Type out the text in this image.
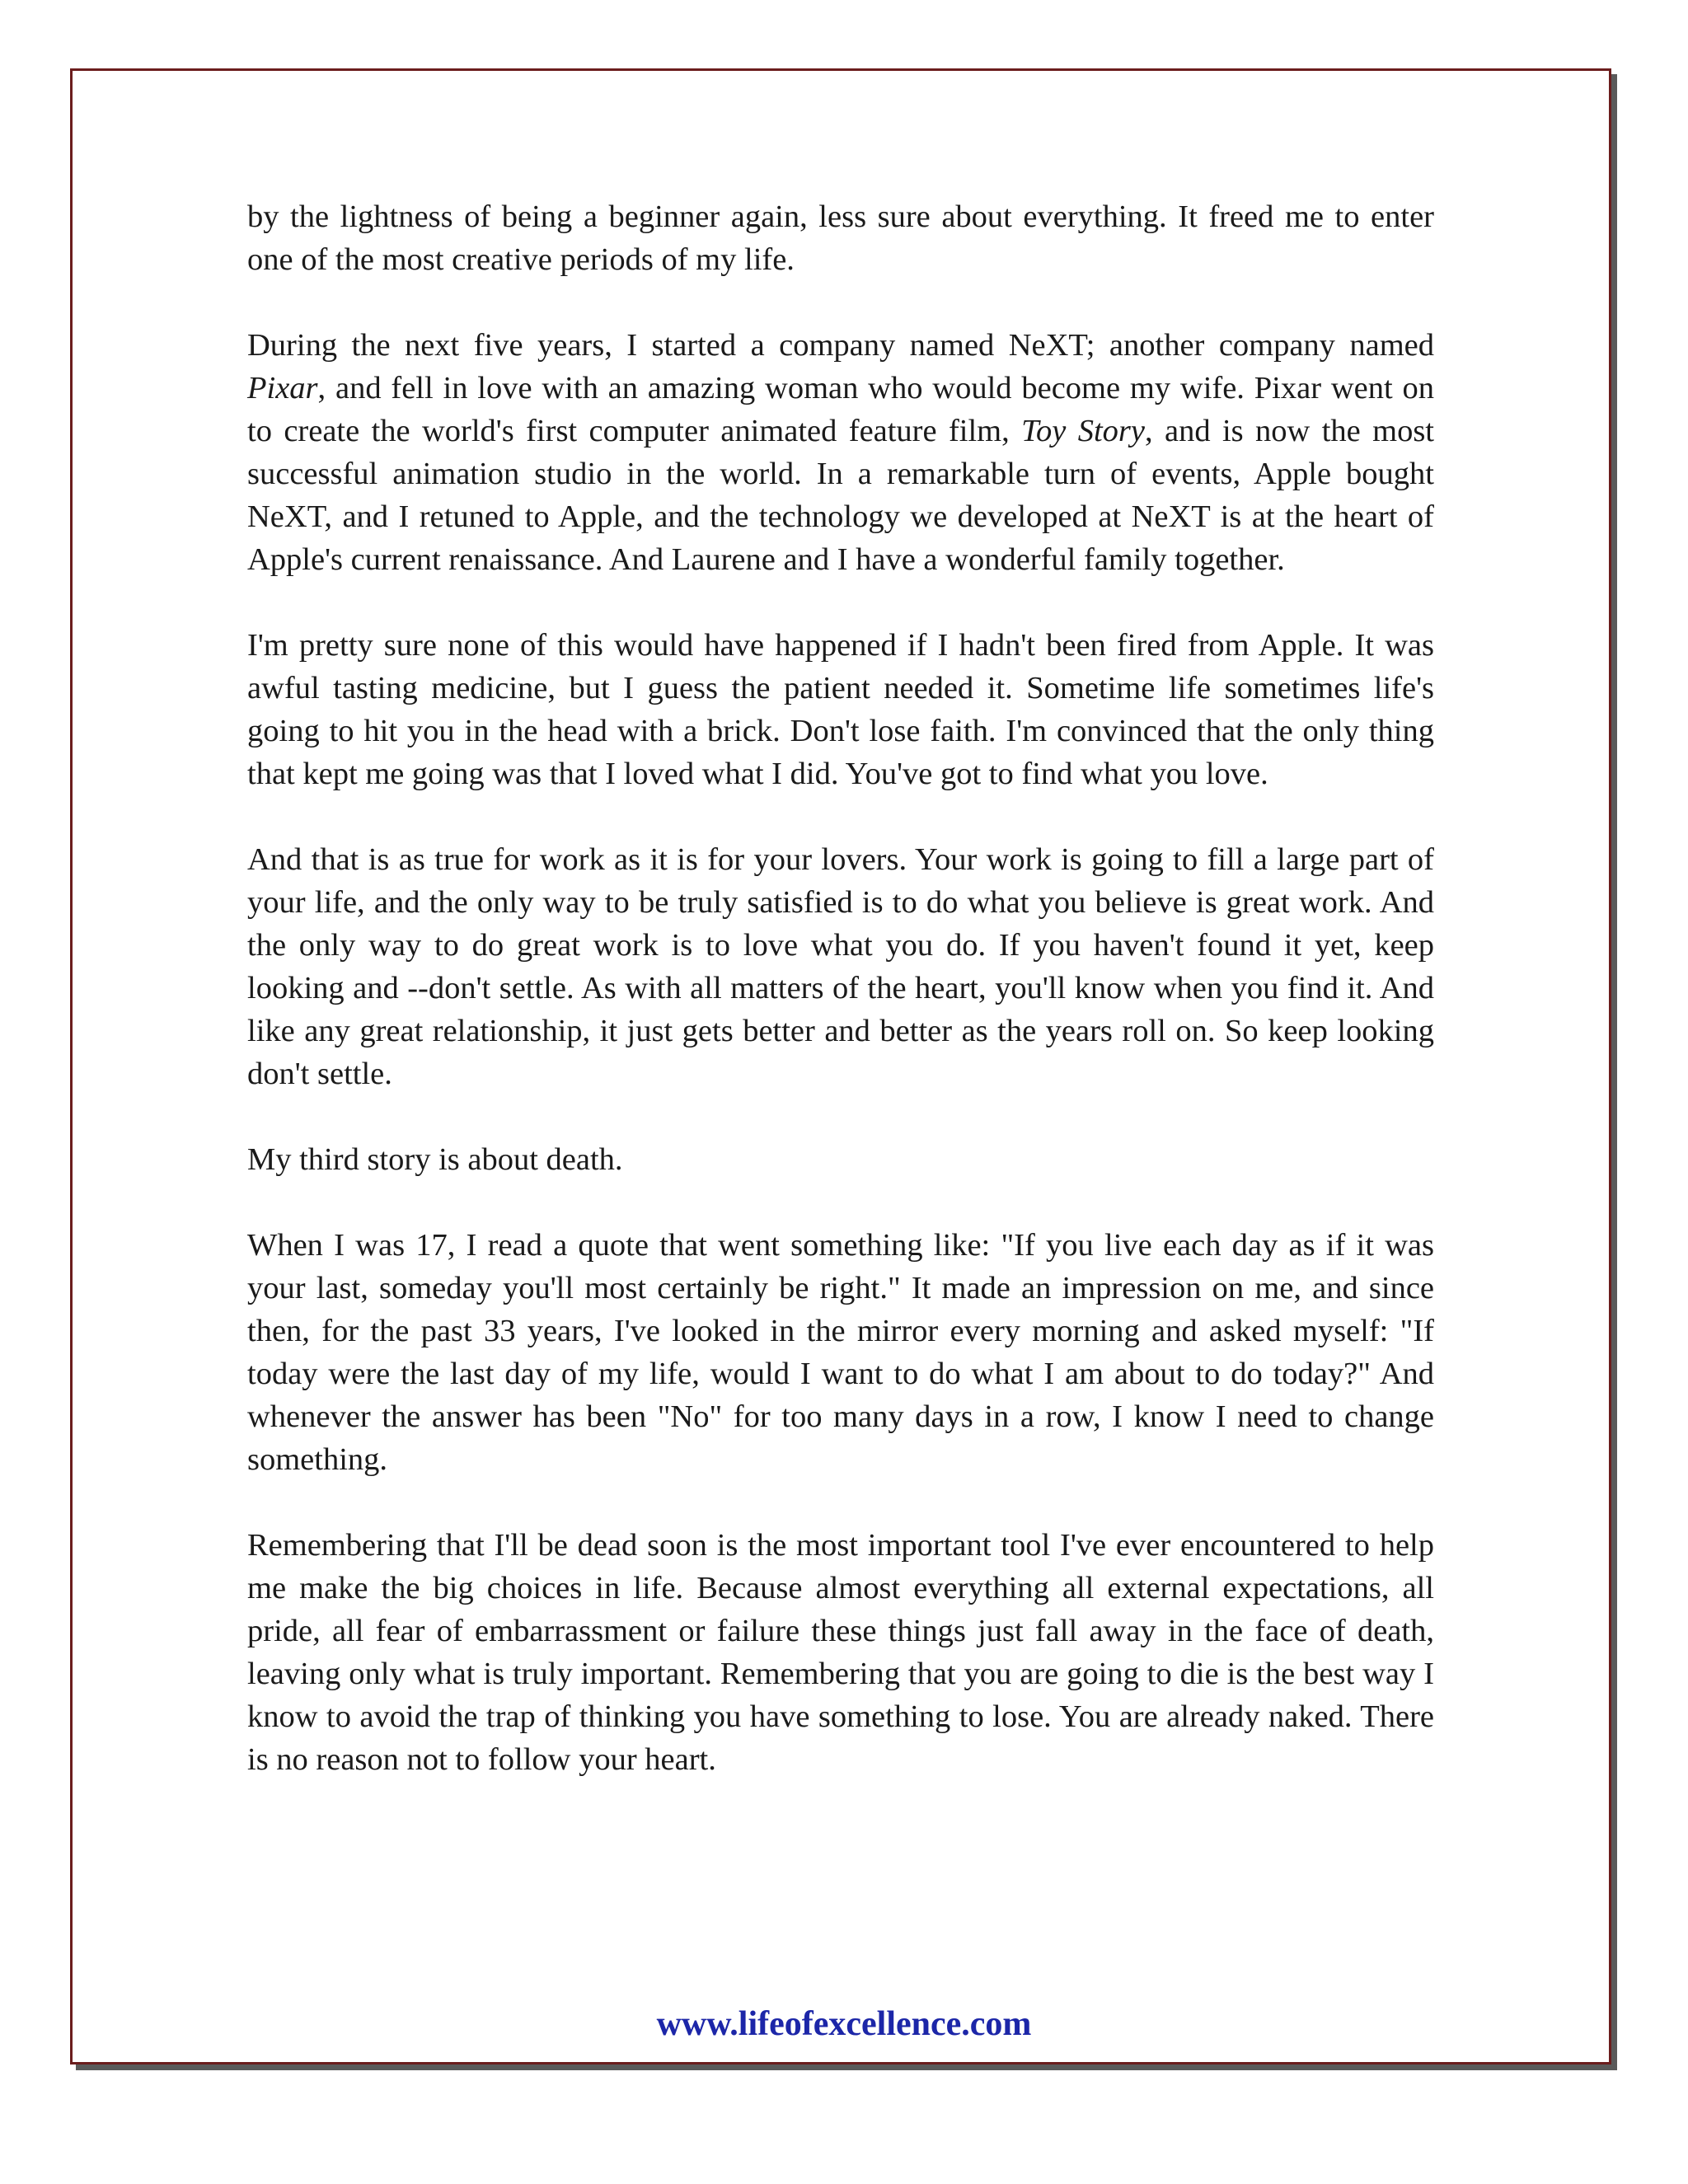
by the lightness of being a beginner again, less sure about everything. It freed me to enter one of the most creative periods of my life.

During the next five years, I started a company named NeXT; another company named Pixar, and fell in love with an amazing woman who would become my wife. Pixar went on to create the world's first computer animated feature film, Toy Story, and is now the most successful animation studio in the world. In a remarkable turn of events, Apple bought NeXT, and I retuned to Apple, and the technology we developed at NeXT is at the heart of Apple's current renaissance. And Laurene and I have a wonderful family together.

I'm pretty sure none of this would have happened if I hadn't been fired from Apple. It was awful tasting medicine, but I guess the patient needed it. Sometime life sometimes life's going to hit you in the head with a brick. Don't lose faith. I'm convinced that the only thing that kept me going was that I loved what I did. You've got to find what you love.

And that is as true for work as it is for your lovers. Your work is going to fill a large part of your life, and the only way to be truly satisfied is to do what you believe is great work. And the only way to do great work is to love what you do. If you haven't found it yet, keep looking and --don't settle. As with all matters of the heart, you'll know when you find it. And like any great relationship, it just gets better and better as the years roll on. So keep looking don't settle.

My third story is about death.

When I was 17, I read a quote that went something like: "If you live each day as if it was your last, someday you'll most certainly be right." It made an impression on me, and since then, for the past 33 years, I've looked in the mirror every morning and asked myself: "If today were the last day of my life, would I want to do what I am about to do today?" And whenever the answer has been "No" for too many days in a row, I know I need to change something.

Remembering that I'll be dead soon is the most important tool I've ever encountered to help me make the big choices in life. Because almost everything all external expectations, all pride, all fear of embarrassment or failure these things just fall away in the face of death, leaving only what is truly important. Remembering that you are going to die is the best way I know to avoid the trap of thinking you have something to lose. You are already naked. There is no reason not to follow your heart.

www.lifeofexcellence.com
